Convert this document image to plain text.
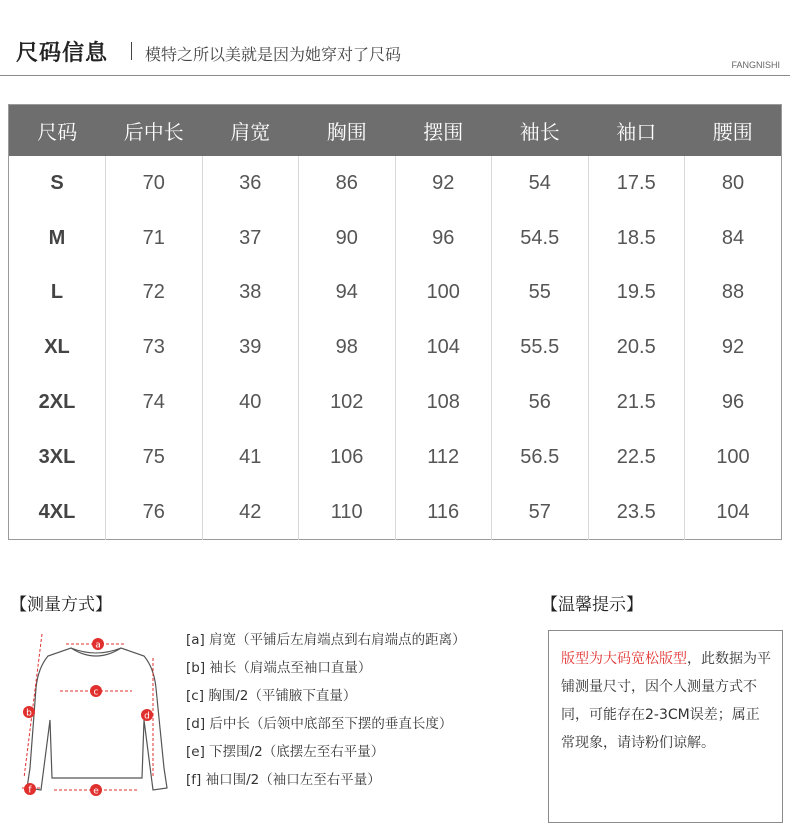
尺码信息 模特之所以美就是因为她穿对了尺码
FANGNISHI
尺码	后中长	肩宽	胸围	摆围	袖长	袖口	腰围
S	70	36	86	92	54	17.5	80
M	71	37	90	96	54.5	18.5	84
L	72	38	94	100	55	19.5	88
XL	73	39	98	104	55.5	20.5	92
2XL	74	40	102	108	56	21.5	96
3XL	75	41	106	112	56.5	22.5	100
4XL	76	42	110	116	57	23.5	104
【测量方式】	【温馨提示】
a
b
c
d
e
f
[a] 肩宽（平铺后左肩端点到右肩端点的距离）
[b] 袖长（肩端点至袖口直量）
[c] 胸围/2（平铺腋下直量）
[d] 后中长（后领中底部至下摆的垂直长度）
[e] 下摆围/2（底摆左至右平量）
[f] 袖口围/2（袖口左至右平量）
版型为大码宽松版型，此数据为平铺测量尺寸，因个人测量方式不同，可能存在2-3CM误差；属正常现象，请诗粉们谅解。
